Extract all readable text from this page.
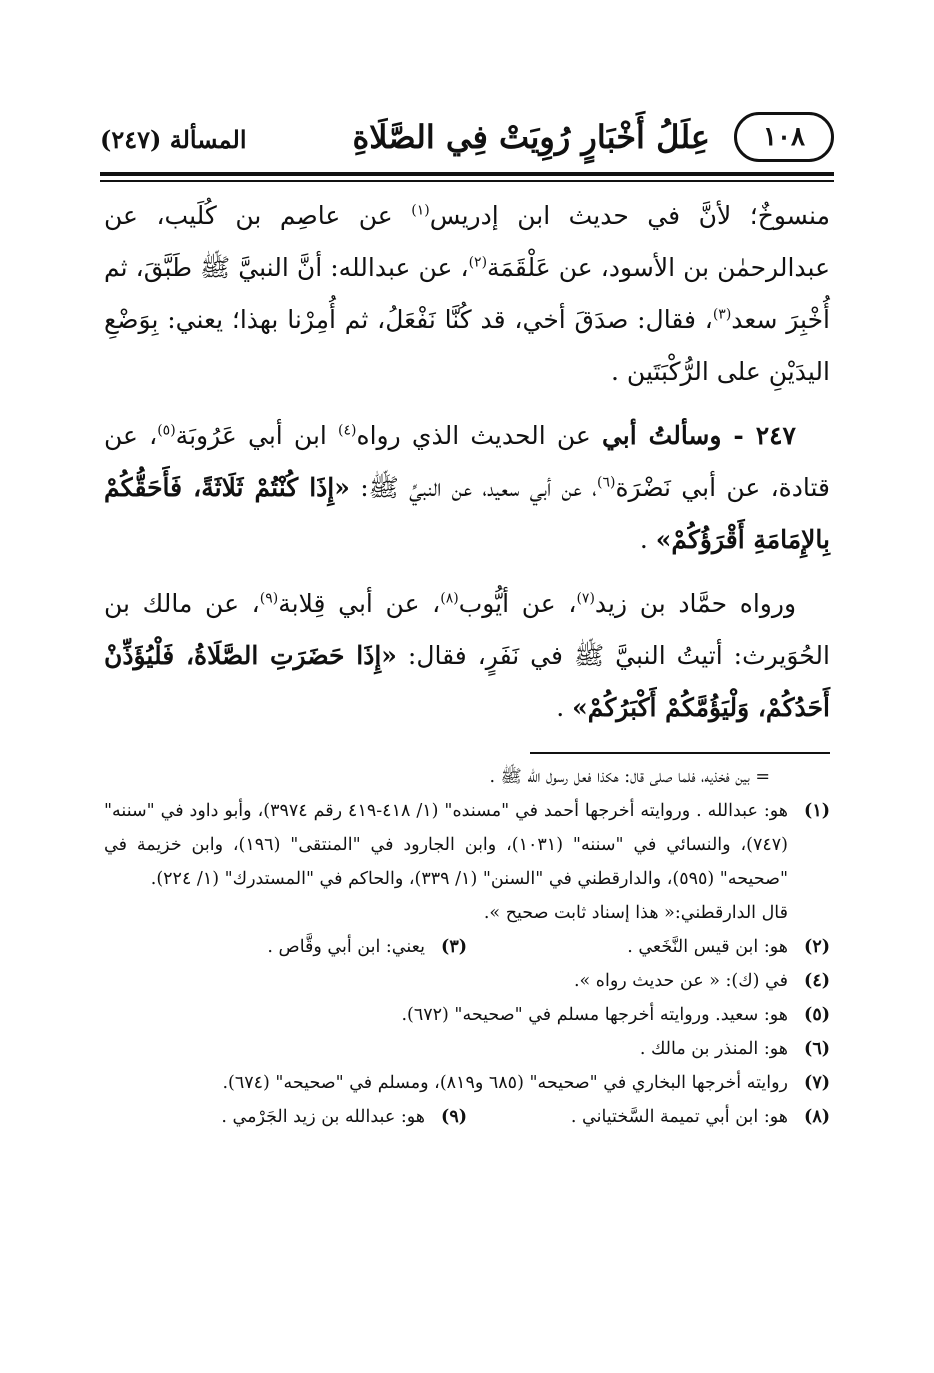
١٠٨
عِلَلُ أَخْبَارٍ رُوِيَتْ فِي الصَّلَاةِ
المسألة (٢٤٧)

منسوخٌ؛ لأنَّ في حديث ابن إدريس$^{(١)}$ عن عاصِم بن كُلَيب، عن عبدالرحمٰن بن الأسود، عن عَلْقَمَة$^{(٢)}$، عن عبدالله: أنَّ النبيَّ ﷺ طَبَّقَ، ثم أُخْبِرَ سعد$^{(٣)}$، فقال: صدَقَ أخي، قد كُنَّا نَفْعَلُ، ثم أُمِرْنا بهذا؛ يعني: بِوَضْعِ اليدَيْنِ على الرُّكْبَتَين .

٢٤٧ - وسألتُ أبي عن الحديث الذي رواه$^{(٤)}$ ابن أبي عَرُوبَة$^{(٥)}$، عن قتادة، عن أبي نَضْرَة$^{(٦)}$، عن أبي سعيد، عن النبيِّ ﷺ: «إِذَا كُنْتُمْ ثَلَاثَةً، فَأَحَقُّكُمْ بِالإِمَامَةِ أَقْرَؤُكُمْ» .

ورواه حمَّاد بن زيد$^{(٧)}$، عن أيُّوب$^{(٨)}$، عن أبي قِلابة$^{(٩)}$، عن مالك بن الحُوَيرث: أتيتُ النبيَّ ﷺ في نَفَرٍ، فقال: «إِذَا حَضَرَتِ الصَّلَاةُ، فَلْيُؤَذِّنْ أَحَدُكُمْ، وَلْيَؤُمَّكُمْ أَكْبَرُكُمْ» .

= بين فخذيه، فلما صلى قال: هكذا فعل رسول الله ﷺ .
(١)
هو: عبدالله . وروايته أخرجها أحمد في "مسنده" (١/ ٤١٨-٤١٩ رقم ٣٩٧٤)، وأبو داود في "سننه" (٧٤٧)، والنسائي في "سننه" (١٠٣١)، وابن الجارود في "المنتقى" (١٩٦)، وابن خزيمة في "صحيحه" (٥٩٥)، والدارقطني في "السنن" (١/ ٣٣٩)، والحاكم في "المستدرك" (١/ ٢٢٤).
قال الدارقطني:« هذا إسناد ثابت صحيح ».
(٢)
هو: ابن قيس النَّخَعي .
(٣)
يعني: ابن أبي وقَّاص .
(٤)
في (ك): « عن حديث رواه ».
(٥)
هو: سعيد. وروايته أخرجها مسلم في "صحيحه" (٦٧٢).
(٦)
هو: المنذر بن مالك .
(٧)
روايته أخرجها البخاري في "صحيحه" (٦٨٥ و٨١٩)، ومسلم في "صحيحه" (٦٧٤).
(٨)
هو: ابن أبي تميمة السَّختياني .
(٩)
هو: عبدالله بن زيد الجَرْمي .
